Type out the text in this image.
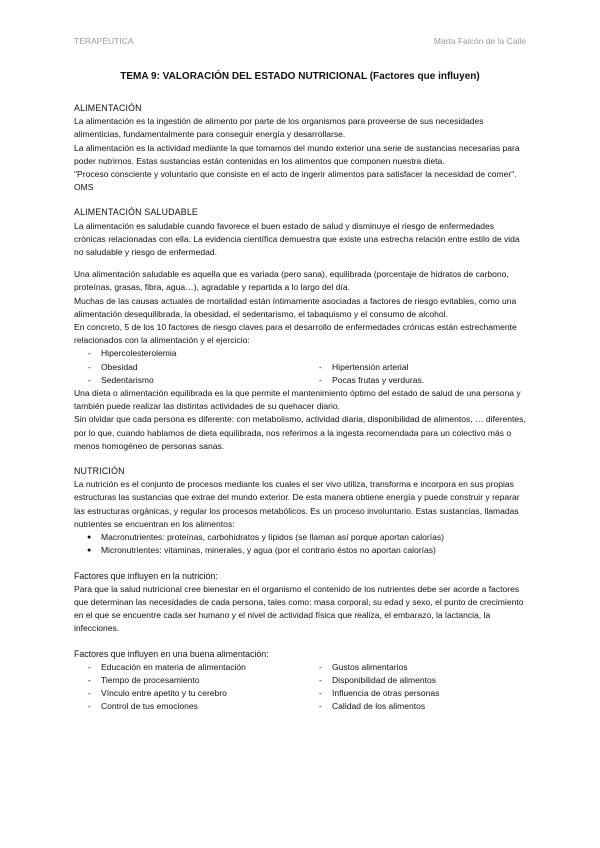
TERAPÉUTICA	Marta Falcón de la Calle
TEMA 9: VALORACIÓN DEL ESTADO NUTRICIONAL (Factores que influyen)
ALIMENTACIÓN

La alimentación es la ingestión de alimento por parte de los organismos para proveerse de sus necesidades alimenticias, fundamentalmente para conseguir energía y desarrollarse.

La alimentación es la actividad mediante la que tomamos del mundo exterior una serie de sustancias necesarias para poder nutrirnos. Estas sustancias están contenidas en los alimentos que componen nuestra dieta.

"Proceso consciente y voluntario que consiste en el acto de ingerir alimentos para satisfacer la necesidad de comer". OMS

ALIMENTACIÓN SALUDABLE

La alimentación es saludable cuando favorece el buen estado de salud y disminuye el riesgo de enfermedades crónicas relacionadas con ella. La evidencia científica demuestra que existe una estrecha relación entre estilo de vida no saludable y riesgo de enfermedad.

Una alimentación saludable es aquella que es variada (pero sana), equilibrada (porcentaje de hidratos de carbono, proteínas, grasas, fibra, agua…), agradable y repartida a lo largo del día.

Muchas de las causas actuales de mortalidad están íntimamente asociadas a factores de riesgo evitables, como una alimentación desequilibrada, la obesidad, el sedentarismo, el tabaquismo y el consumo de alcohol.

En concreto, 5 de los 10 factores de riesgo claves para el desarrollo de enfermedades crónicas están estrechamente relacionados con la alimentación y el ejercicio:

- Hipercolesterolemia
- Obesidad	- Hipertensión arterial
- Sedentarismo	- Pocas frutas y verduras.

Una dieta o alimentación equilibrada es la que permite el mantenimiento óptimo del estado de salud de una persona y también puede realizar las distintas actividades de su quehacer diario.

Sin olvidar que cada persona es diferente: con metabolismo, actividad diaria, disponibilidad de alimentos, … diferentes, por lo que, cuando hablamos de dieta equilibrada, nos referimos a la ingesta recomendada para un colectivo más o menos homogéneo de personas sanas.

NUTRICIÓN

La nutrición es el conjunto de procesos mediante los cuales el ser vivo utiliza, transforma e incorpora en sus propias estructuras las sustancias que extrae del mundo exterior. De esta manera obtiene energía y puede construir y reparar las estructuras orgánicas, y regular los procesos metabólicos. Es un proceso involuntario. Estas sustancias, llamadas nutrientes se encuentran en los alimentos:

● Macronutrientes: proteínas, carbohidratos y lípidos (se llaman así porque aportan calorías)
● Micronutrientes: vitaminas, minerales, y agua (por el contrario éstos no aportan calorías)
Factores que influyen en la nutrición:

Para que la salud nutricional cree bienestar en el organismo el contenido de los nutrientes debe ser acorde a factores que determinan las necesidades de cada persona, tales como: masa corporal, su edad y sexo, el punto de crecimiento en el que se encuentre cada ser humano y el nivel de actividad física que realiza, el embarazo, la lactancia, la infecciones.

Factores que influyen en una buena alimentación:
- Educación en materia de alimentación	- Gustos alimentarios
- Tiempo de procesamiento	- Disponibilidad de alimentos
- Vínculo entre apetito y tu cerebro	- Influencia de otras personas
- Control de tus emociones	- Calidad de los alimentos
